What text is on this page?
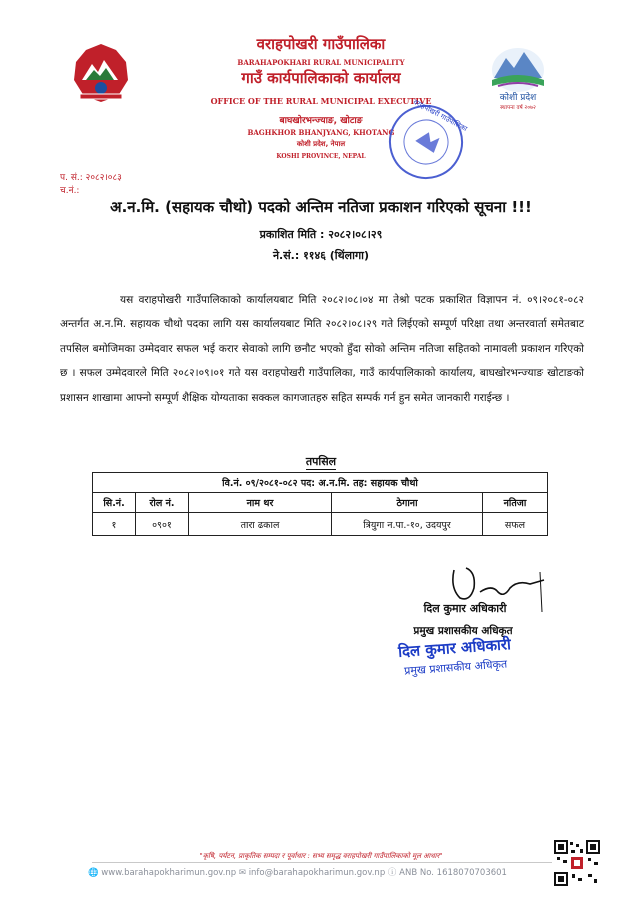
वराहपोखरी गाउँपालिका
BARAHAPOKHARI RURAL MUNICIPALITY
गाउँ कार्यपालिकाको कार्यालय
OFFICE OF THE RURAL MUNICIPAL EXECUTIVE
बाघखोरभन्ज्याङ, खोटाङ
BAGHKHOR BHANJYANG, KHOTANG
कोशी प्रदेश, नेपाल
KOSHI PROVINCE, NEPAL
कोशी प्रदेश
स्थापना वर्ष २०७२
वराहपोखरी गाउँपालिका
प. सं.: २०८२।०८३
च.नं.:
अ.न.मि. (सहायक चौथो) पदको अन्तिम नतिजा प्रकाशन गरिएको सूचना !!!
प्रकाशित मिति : २०८२।०८।२९
ने.सं.: ११४६ (थिंलागा)
यस वराहपोखरी गाउँपालिकाको कार्यालयबाट मिति २०८२।०८।०४ मा तेश्रो पटक प्रकाशित विज्ञापन नं. ०९।२०८१-०८२ अन्तर्गत अ.न.मि. सहायक चौथो पदका लागि यस कार्यालयबाट मिति २०८२।०८।२९ गते लिईएको सम्पूर्ण परिक्षा तथा अन्तरवार्ता समेतबाट तपसिल बमोजिमका उम्मेदवार सफल भई करार सेवाको लागि छनौट भएको हुँदा सोको अन्तिम नतिजा सहितको नामावली प्रकाशन गरिएको छ । सफल उम्मेदवारले मिति २०८२।०९।०१ गते यस वराहपोखरी गाउँपालिका, गाउँ कार्यपालिकाको कार्यालय, बाघखोरभन्ज्याङ खोटाङको प्रशासन शाखामा आफ्नो सम्पूर्ण शैक्षिक योग्यताका सक्कल कागजातहरु सहित सम्पर्क गर्न हुन समेत जानकारी गराईन्छ ।
तपसिल
वि.नं. ०९/२०८१-०८२ पद: अ.न.मि. तह: सहायक चौथो				
सि.नं.	रोल नं.	नाम थर	ठेगाना	नतिजा
१	०९०१	तारा ढकाल	त्रियुगा न.पा.-१०, उदयपुर	सफल
दिल कुमार अधिकारी
प्रमुख प्रशासकीय अधिकृत
दिल कुमार अधिकारी
प्रमुख प्रशासकीय अधिकृत
"कृषि, पर्यटन, प्राकृतिक सम्पदा र पूर्वाधार : सभ्य समृद्ध वराहपोखरी गाउँपालिकाको मूल आधार"
🌐 www.barahapokharimun.gov.np ✉ info@barahapokharimun.gov.np ⓘ ANB No. 1618070703601
